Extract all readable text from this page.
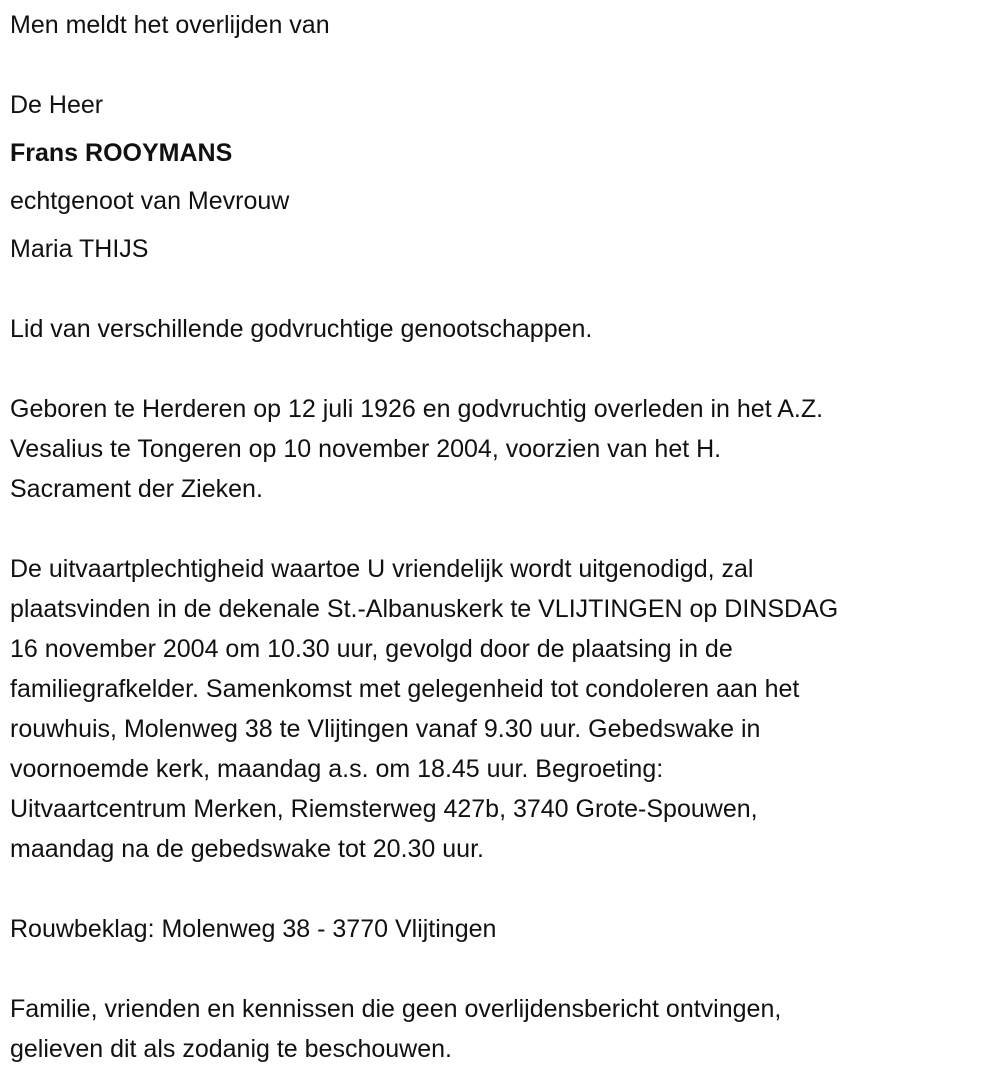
Men meldt het overlijden van
De Heer
Frans ROOYMANS
echtgenoot van Mevrouw
Maria THIJS
Lid van verschillende godvruchtige genootschappen.
Geboren te Herderen op 12 juli 1926 en godvruchtig overleden in het A.Z.
Vesalius te Tongeren op 10 november 2004, voorzien van het H.
Sacrament der Zieken.
De uitvaartplechtigheid waartoe U vriendelijk wordt uitgenodigd, zal
plaatsvinden in de dekenale St.-Albanuskerk te VLIJTINGEN op DINSDAG
16 november 2004 om 10.30 uur, gevolgd door de plaatsing in de
familiegrafkelder. Samenkomst met gelegenheid tot condoleren aan het
rouwhuis, Molenweg 38 te Vlijtingen vanaf 9.30 uur. Gebedswake in
voornoemde kerk, maandag a.s. om 18.45 uur. Begroeting:
Uitvaartcentrum Merken, Riemsterweg 427b, 3740 Grote-Spouwen,
maandag na de gebedswake tot 20.30 uur.
Rouwbeklag: Molenweg 38 - 3770 Vlijtingen
Familie, vrienden en kennissen die geen overlijdensbericht ontvingen,
gelieven dit als zodanig te beschouwen.
